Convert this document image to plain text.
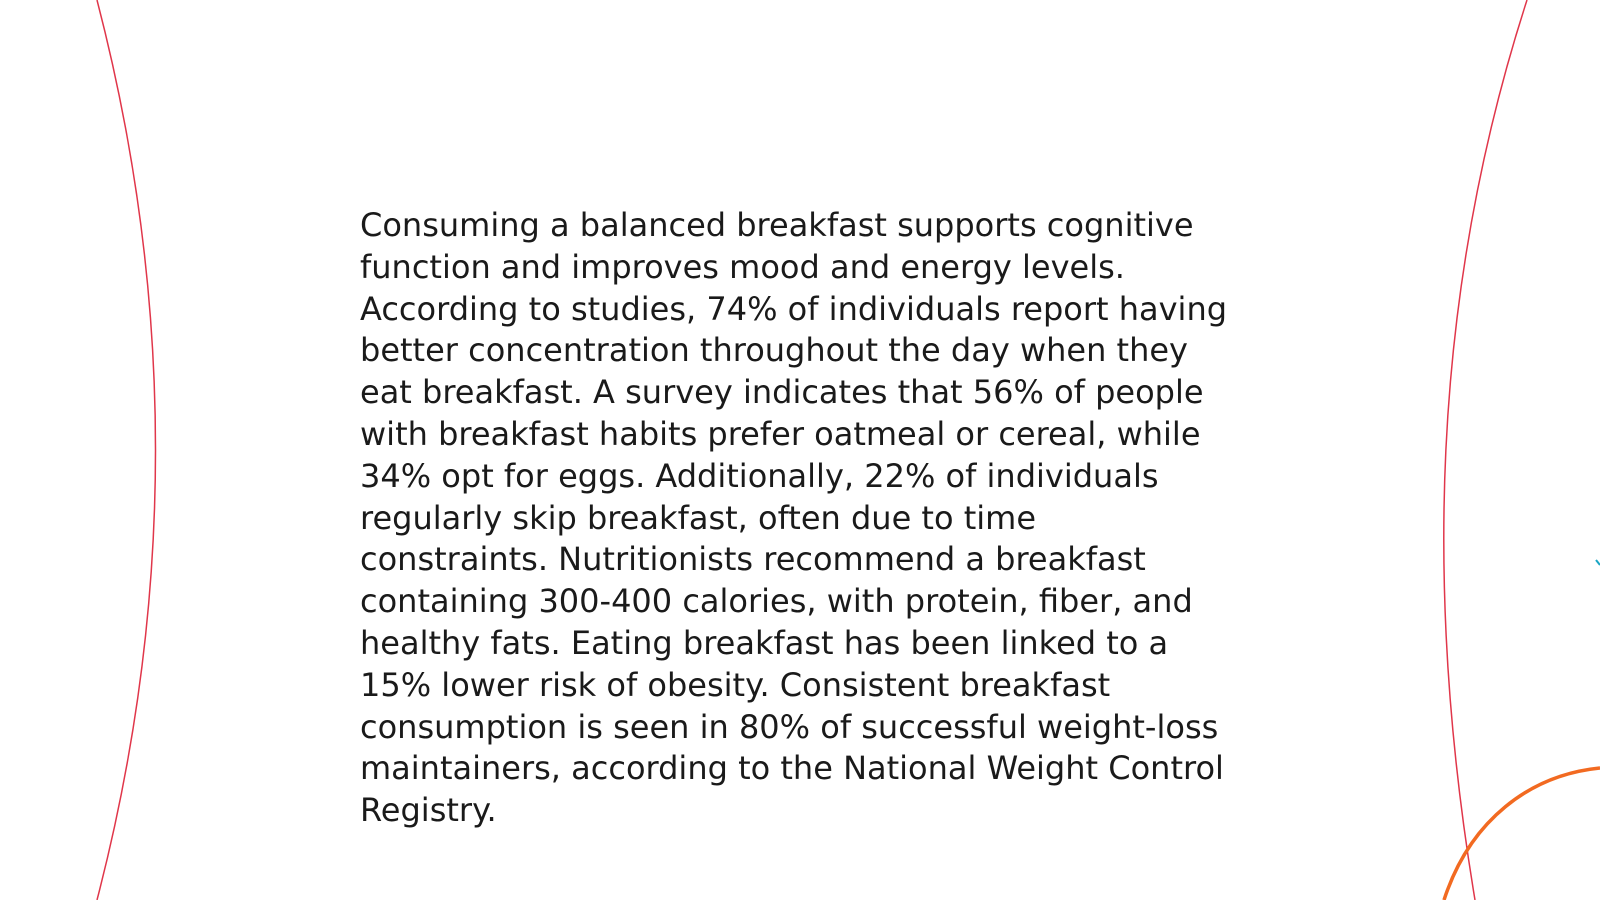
Consuming a balanced breakfast supports cognitive
function and improves mood and energy levels.
According to studies, 74% of individuals report having
better concentration throughout the day when they
eat breakfast. A survey indicates that 56% of people
with breakfast habits prefer oatmeal or cereal, while
34% opt for eggs. Additionally, 22% of individuals
regularly skip breakfast, often due to time
constraints. Nutritionists recommend a breakfast
containing 300-400 calories, with protein, fiber, and
healthy fats. Eating breakfast has been linked to a
15% lower risk of obesity. Consistent breakfast
consumption is seen in 80% of successful weight-loss
maintainers, according to the National Weight Control
Registry.
